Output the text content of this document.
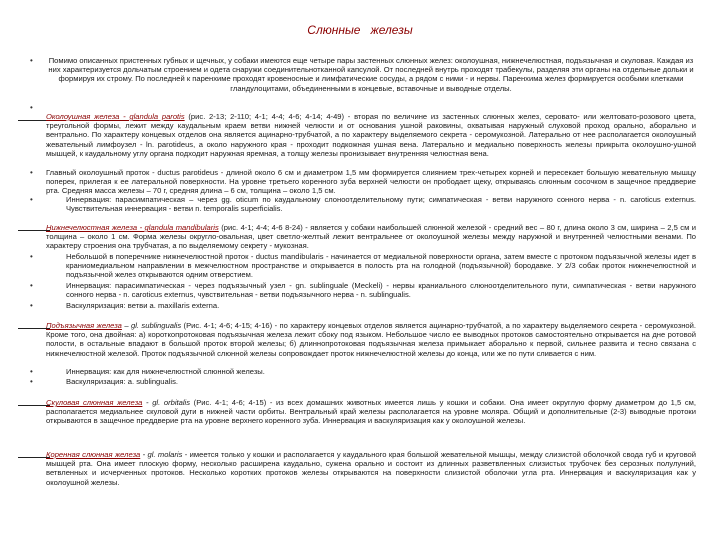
Слюнные железы
•	Помимо описанных пристенных губных и щечных, у собаки имеются еще четыре пары застенных слюнных желез: околоушная, нижнечелюстная, подъязычная и скуловая. Каждая из них характеризуется дольчатым строением и одета снаружи соединительнотканной капсулой. От последней внутрь проходят трабекулы, разделяя эти органы на отдельные дольки и формируя их строму. По последней к паренхиме проходят кровеносные и лимфатические сосуды, а рядом с ними - и нервы. Паренхима желез формируется особыми клетками гландулоцитами, объединенными в концевые, вставочные и выводные отделы.

•

Околоушная железа - glandula parotis (рис. 2-13; 2-110; 4-1; 4-4; 4-6; 4-14; 4-49) - вторая по величине из застенных слюнных желез, серовато- или желтовато-розового цвета, треугольной формы, лежит между каудальным краем ветви нижней челюсти и от основания ушной раковины, охватывая наружный слуховой проход орально, аборально и вентрально. По характеру концевых отделов она является ацинарно-трубчатой, а по характеру выделяемого секрета - серомукозной. Латерально от нее располагается околоушный жевательный лимфоузел - ln. parotideus, а около наружного края - проходит подкожная ушная вена. Латерально и медиально поверхность железы прикрыта околоушно-ушной мышцей, к каудальному углу органа подходит наружная яремная, а толщу железы пронизывает внутренняя челюстная вена.

• Главный околоушный проток - ductus parotideus - длиной около 6 см и диаметром 1,5 мм формируется слиянием трех-четырех корней и пересекает большую жевательную мышцу поперек, прилегая к ее латеральной поверхности. На уровне третьего коренного зуба верхней челюсти он прободает щеку, открываясь слюнным сосочком в защечное преддверие рта. Средняя масса железы – 70 г, средняя длина – 6 см, толщина – около 1,5 см.

•	Иннервация: парасимпатическая – через gg. oticum по каудальному слоноотделительному пути; симпатическая - ветви наружного сонного нерва - n. caroticus externus. Чувствительная иннервация - ветви n. temporalis superficialis.

Нижнечелюстная железа - glandula mandibularis (рис. 4-1; 4-4; 4-6 8-24) - является у собаки наибольшей слюнной железой - средний вес – 80 г, длина около 3 см, ширина – 2,5 см и толщина – около 1 см. Форма железы округло-овальная, цвет светло-желтый лежит вентральнее от околоушной железы между наружной и внутренней челюстными венами. По характеру строения она трубчатая, а по выделяемому секрету - мукозная.

•	Небольшой в поперечнике нижнечелюстной проток - ductus mandibularis - начинается от медиальной поверхности органа, затем вместе с протоком подъязычной железы идет в краниомедиальном направлении в межчелюстном пространстве и открывается в полость рта на голодной (подъязычной) бородавке. У 2/3 собак проток нижнечелюстной и подъязычной желез открываются одним отверстием.

•	Иннервация: парасимпатическая - через подъязычный узел - gn. sublinguale (Meckeli) - нервы краниального слюноотделительного пути, симпатическая - ветви наружного сонного нерва - n. caroticus externus, чувствительная - ветви подъязычного нерва - n. sublingualis.

•	Васкуляризация: ветви a. maxillaris externa.

Подъязычная железа – gl. sublingualis (Рис. 4-1; 4-6; 4-15; 4-16) - по характеру концевых отделов является ацинарно-трубчатой, а по характеру выделяемого секрета - серомукозной. Кроме того, она двойная: а) короткопротоковая подъязычная железа лежит сбоку под языком. Небольшое число ее выводных протоков самостоятельно открывается на дне ротовой полости, в остальные впадают в большой проток второй железы; б) длиннопротоковая подъязычная железа примыкает аборально к первой, сильнее развита и тесно связана с нижнечелюстной железой. Проток подъязычной слюнной железы сопровождает проток нижнечелюстной железы до конца, или же по пути сливается с ним.

•	Иннервация: как для нижнечелюстной слюнной железы.

•	Васкуляризация: a. sublingualis.

Скуловая слюнная железа - gl. orbitalis (Рис. 4-1; 4-6; 4-15) - из всех домашних животных имеется лишь у кошки и собаки. Она имеет округлую форму диаметром до 1,5 см, располагается медиальнее скуловой дуги в нижней части орбиты. Вентральный край железы располагается на уровне моляра. Общий и дополнительные (2-3) выводные протоки открываются в защечное преддверие рта на уровне верхнего коренного зуба. Иннервация и васкуляризация как у околоушной железы.

Коренная слюнная железа - gl. molaris - имеется только у кошки и располагается у каудального края большой жевательной мышцы, между слизистой оболочкой свода губ и круговой мышцей рта. Она имеет плоскую форму, несколько расширена каудально, суженa орально и состоит из длинных разветвленных слизистых трубочек без серозных полулуний, ветвленных и исчерченных протоков. Несколько коротких протоков железы открываются на поверхности слизистой оболочки угла рта. Иннервация и васкуляризация как у околоушной железы.
